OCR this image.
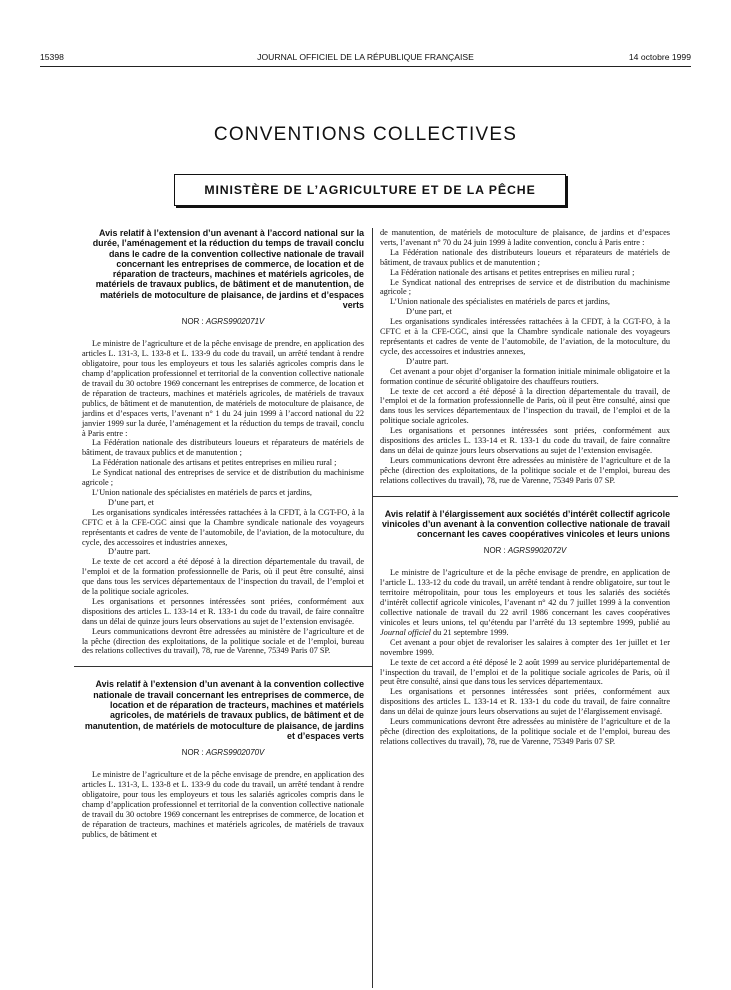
15398	JOURNAL OFFICIEL DE LA RÉPUBLIQUE FRANÇAISE	14 octobre 1999
CONVENTIONS COLLECTIVES
MINISTÈRE DE L’AGRICULTURE ET DE LA PÊCHE
Avis relatif à l’extension d’un avenant à l’accord national sur la durée, l’aménagement et la réduction du temps de travail conclu dans le cadre de la convention collective nationale de travail concernant les entreprises de commerce, de location et de réparation de tracteurs, machines et matériels agricoles, de matériels de travaux publics, de bâtiment et de manutention, de matériels de motoculture de plaisance, de jardins et d’espaces verts
NOR : AGRS9902071V

Le ministre de l’agriculture et de la pêche envisage de prendre, en application des articles L. 131-3, L. 133-8 et L. 133-9 du code du travail, un arrêté tendant à rendre obligatoire, pour tous les employeurs et tous les salariés agricoles compris dans le champ d’application professionnel et territorial de la convention collective nationale de travail du 30 octobre 1969 concernant les entreprises de commerce, de location et de réparation de tracteurs, machines et matériels agricoles, de matériels de travaux publics, de bâtiment et de manutention, de matériels de motoculture de plaisance, de jardins et d’espaces verts, l’avenant n° 1 du 24 juin 1999 à l’accord national du 22 janvier 1999 sur la durée, l’aménagement et la réduction du temps de travail, conclu à Paris entre :

La Fédération nationale des distributeurs loueurs et réparateurs de matériels de bâtiment, de travaux publics et de manutention ;

La Fédération nationale des artisans et petites entreprises en milieu rural ;

Le Syndicat national des entreprises de service et de distribution du machinisme agricole ;

L’Union nationale des spécialistes en matériels de parcs et jardins,

D’une part, et

Les organisations syndicales intéressées rattachées à la CFDT, à la CGT-FO, à la CFTC et à la CFE-CGC ainsi que la Chambre syndicale nationale des voyageurs représentants et cadres de vente de l’automobile, de l’aviation, de la motoculture, du cycle, des accessoires et industries annexes,

D’autre part.

Le texte de cet accord a été déposé à la direction départementale du travail, de l’emploi et de la formation professionnelle de Paris, où il peut être consulté, ainsi que dans tous les services départementaux de l’inspection du travail, de l’emploi et de la politique sociale agricoles.

Les organisations et personnes intéressées sont priées, conformément aux dispositions des articles L. 133-14 et R. 133-1 du code du travail, de faire connaître dans un délai de quinze jours leurs observations au sujet de l’extension envisagée.

Leurs communications devront être adressées au ministère de l’agriculture et de la pêche (direction des exploitations, de la politique sociale et de l’emploi, bureau des relations collectives du travail), 78, rue de Varenne, 75349 Paris 07 SP.

Avis relatif à l’extension d’un avenant à la convention collective nationale de travail concernant les entreprises de commerce, de location et de réparation de tracteurs, machines et matériels agricoles, de matériels de travaux publics, de bâtiment et de manutention, de matériels de motoculture de plaisance, de jardins et d’espaces verts
NOR : AGRS9902070V

Le ministre de l’agriculture et de la pêche envisage de prendre, en application des articles L. 131-3, L. 133-8 et L. 133-9 du code du travail, un arrêté tendant à rendre obligatoire, pour tous les employeurs et tous les salariés agricoles compris dans le champ d’application professionnel et territorial de la convention collective nationale de travail du 30 octobre 1969 concernant les entreprises de commerce, de location et de réparation de tracteurs, machines et matériels agricoles, de matériels de travaux publics, de bâtiment et

de manutention, de matériels de motoculture de plaisance, de jardins et d’espaces verts, l’avenant n° 70 du 24 juin 1999 à ladite convention, conclu à Paris entre :

La Fédération nationale des distributeurs loueurs et réparateurs de matériels de bâtiment, de travaux publics et de manutention ;

La Fédération nationale des artisans et petites entreprises en milieu rural ;

Le Syndicat national des entreprises de service et de distribution du machinisme agricole ;

L’Union nationale des spécialistes en matériels de parcs et jardins,

D’une part, et

Les organisations syndicales intéressées rattachées à la CFDT, à la CGT-FO, à la CFTC et à la CFE-CGC, ainsi que la Chambre syndicale nationale des voyageurs représentants et cadres de vente de l’automobile, de l’aviation, de la motoculture, du cycle, des accessoires et industries annexes,

D’autre part.

Cet avenant a pour objet d’organiser la formation initiale minimale obligatoire et la formation continue de sécurité obligatoire des chauffeurs routiers.

Le texte de cet accord a été déposé à la direction départementale du travail, de l’emploi et de la formation professionnelle de Paris, où il peut être consulté, ainsi que dans tous les services départementaux de l’inspection du travail, de l’emploi et de la politique sociale agricoles.

Les organisations et personnes intéressées sont priées, conformément aux dispositions des articles L. 133-14 et R. 133-1 du code du travail, de faire connaître dans un délai de quinze jours leurs observations au sujet de l’extension envisagée.

Leurs communications devront être adressées au ministère de l’agriculture et de la pêche (direction des exploitations, de la politique sociale et de l’emploi, bureau des relations collectives du travail), 78, rue de Varenne, 75349 Paris 07 SP.

Avis relatif à l’élargissement aux sociétés d’intérêt collectif agricole vinicoles d’un avenant à la convention collective nationale de travail concernant les caves coopératives vinicoles et leurs unions
NOR : AGRS9902072V

Le ministre de l’agriculture et de la pêche envisage de prendre, en application de l’article L. 133-12 du code du travail, un arrêté tendant à rendre obligatoire, sur tout le territoire métropolitain, pour tous les employeurs et tous les salariés des sociétés d’intérêt collectif agricole vinicoles, l’avenant n° 42 du 7 juillet 1999 à la convention collective nationale de travail du 22 avril 1986 concernant les caves coopératives vinicoles et leurs unions, tel qu’étendu par l’arrêté du 13 septembre 1999, publié au Journal officiel du 21 septembre 1999.

Cet avenant a pour objet de revaloriser les salaires à compter des 1er juillet et 1er novembre 1999.

Le texte de cet accord a été déposé le 2 août 1999 au service pluridépartemental de l’inspection du travail, de l’emploi et de la politique sociale agricoles de Paris, où il peut être consulté, ainsi que dans tous les services départementaux.

Les organisations et personnes intéressées sont priées, conformément aux dispositions des articles L. 133-14 et R. 133-1 du code du travail, de faire connaître dans un délai de quinze jours leurs observations au sujet de l’élargissement envisagé.

Leurs communications devront être adressées au ministère de l’agriculture et de la pêche (direction des exploitations, de la politique sociale et de l’emploi, bureau des relations collectives du travail), 78, rue de Varenne, 75349 Paris 07 SP.
